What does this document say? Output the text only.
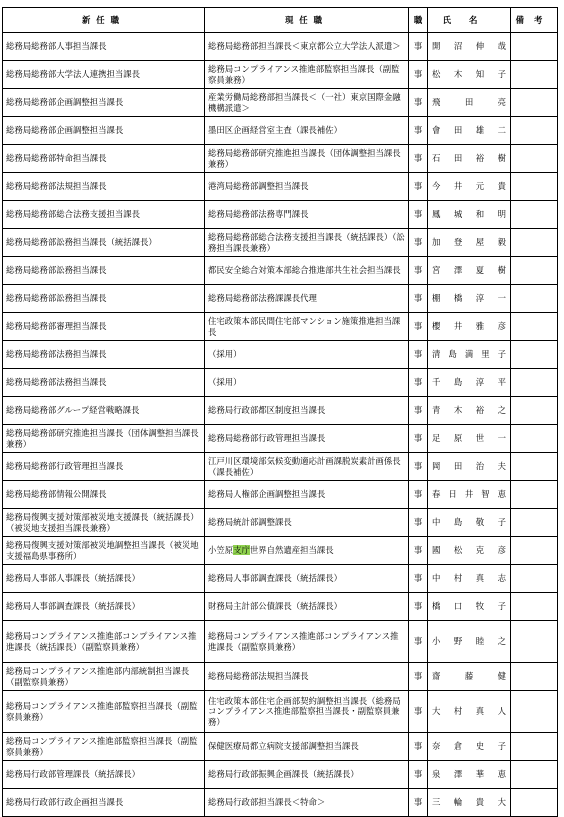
新任職	現任職	職	氏名	備考
総務局総務部人事担当課長	総務局総務部担当課長＜東京都公立大学法人派遣＞	事	開 沼 伸 哉	

総務局総務部大学法人連携担当課長	総務局コンプライアンス推進部監察担当課長（副監察員兼務）	事	松 木 知 子	

総務局総務部企画調整担当課長	産業労働局総務部担当課長＜（一社）東京国際金融機構派遣＞	事	飛 田 亮	

総務局総務部企画調整担当課長	墨田区企画経営室主査（課長補佐）	事	會 田 雄 二	

総務局総務部特命担当課長	総務局総務部研究推進担当課長（団体調整担当課長兼務）	事	石 田 裕 樹	

総務局総務部法規担当課長	港湾局総務部調整担当課長	事	今 井 元 貴	

総務局総務部総合法務支援担当課長	総務局総務部法務専門課長	事	鳳 城 和 明	

総務局総務部訟務担当課長（統括課長）	総務局総務部総合法務支援担当課長（統括課長）（訟務担当課長兼務）	事	加 登 屋 毅	

総務局総務部訟務担当課長	都民安全総合対策本部総合推進部共生社会担当課長	事	宮 澤 夏 樹	

総務局総務部訟務担当課長	総務局総務部法務課課長代理	事	棚 橋 淳 一	

総務局総務部審理担当課長	住宅政策本部民間住宅部マンション施策推進担当課長	事	櫻 井 雅 彦	

総務局総務部法務担当課長	（採用）	事	清 島 満 里 子	

総務局総務部法務担当課長	（採用）	事	千 島 淳 平	

総務局総務部グループ経営戦略課長	総務局行政部都区制度担当課長	事	青 木 裕 之	

総務局総務部研究推進担当課長（団体調整担当課長兼務）	総務局総務部行政管理担当課長	事	足 原 世 一	

総務局総務部行政管理担当課長	江戸川区環境部気候変動適応計画課脱炭素計画係長（課長補佐）	事	岡 田 治 夫	

総務局総務部情報公開課長	総務局人権部企画調整担当課長	事	春 日 井 智 恵	

総務局復興支援対策部被災地支援課長（統括課長）（被災地支援担当課長兼務）	総務局統計部調整課長	事	中 島 敬 子	

総務局復興支援対策部被災地調整担当課長（被災地支援福島県事務所）	小笠原支庁世界自然遺産担当課長	事	國 松 克 彦	

総務局人事部人事課長（統括課長）	総務局人事部調査課長（統括課長）	事	中 村 真 志	

総務局人事部調査課長（統括課長）	財務局主計部公債課長（統括課長）	事	橋 口 牧 子	

総務局コンプライアンス推進部コンプライアンス推進課長（統括課長）（副監察員兼務）	総務局コンプライアンス推進部コンプライアンス推進課長（副監察員兼務）	事	小 野 睦 之	

総務局コンプライアンス推進部内部統制担当課長（副監察員兼務）	総務局総務部法規担当課長	事	齋 藤 健	

総務局コンプライアンス推進部監察担当課長（副監察員兼務）	住宅政策本部住宅企画部契約調整担当課長（総務局コンプライアンス推進部監察担当課長・副監察員兼務）	事	大 村 真 人	

総務局コンプライアンス推進部監察担当課長（副監察員兼務）	保健医療局都立病院支援部調整担当課長	事	奈 倉 史 子	

総務局行政部管理課長（統括課長）	総務局行政部振興企画課長（統括課長）	事	泉 澤 華 恵	

総務局行政部行政企画担当課長	総務局行政部担当課長＜特命＞	事	三 輪 貴 大	
